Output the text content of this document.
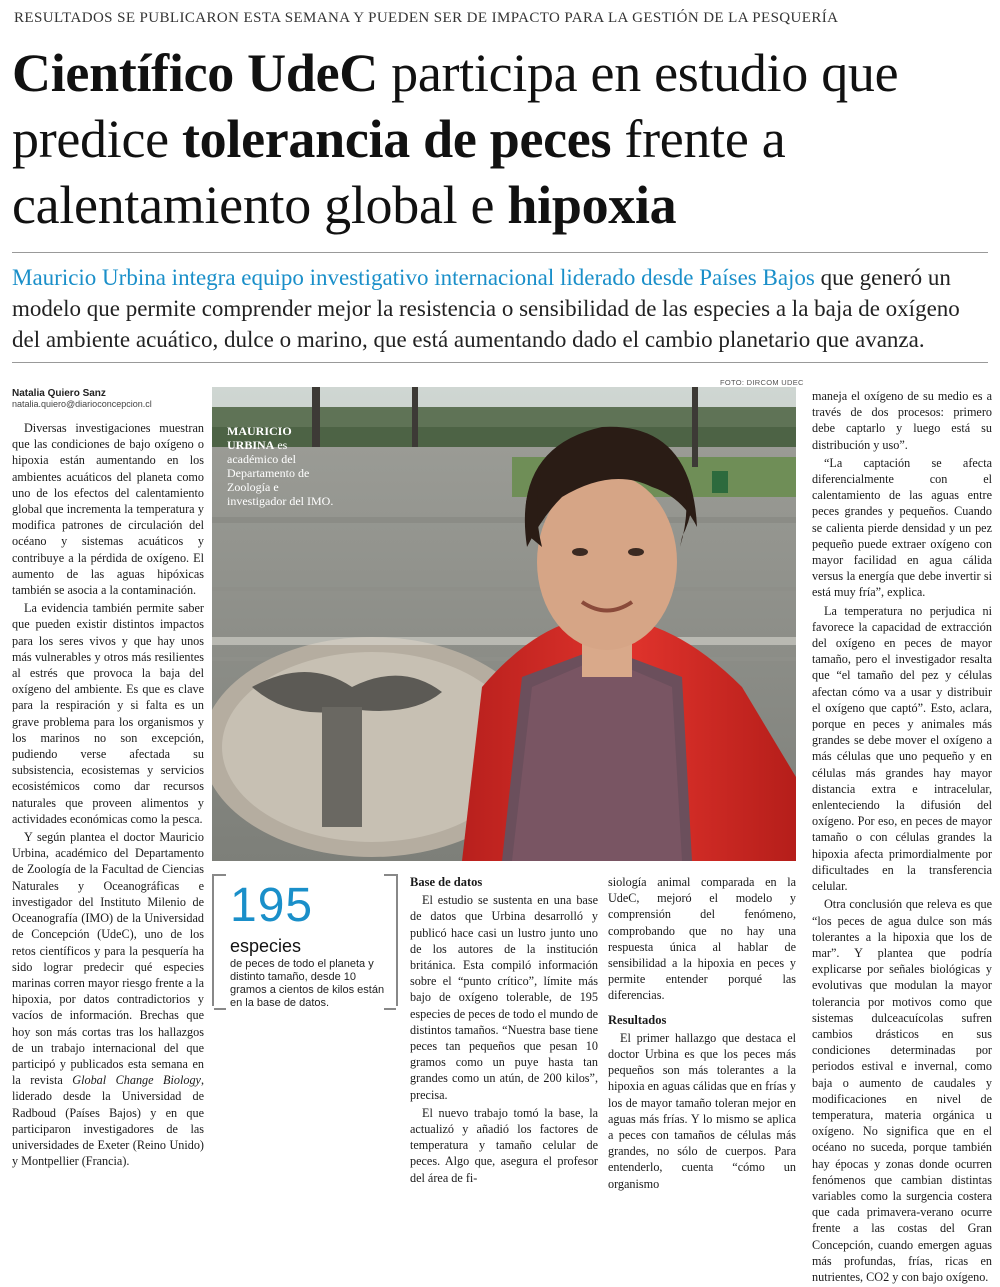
RESULTADOS SE PUBLICARON ESTA SEMANA Y PUEDEN SER DE IMPACTO PARA LA GESTIÓN DE LA PESQUERÍA
Científico UdeC participa en estudio que predice tolerancia de peces frente a calentamiento global e hipoxia
Mauricio Urbina integra equipo investigativo internacional liderado desde Países Bajos que generó un modelo que permite comprender mejor la resistencia o sensibilidad de las especies a la baja de oxígeno del ambiente acuático, dulce o marino, que está aumentando dado el cambio planetario que avanza.
Natalia Quiero Sanz
natalia.quiero@diarioconcepcion.cl

Diversas investigaciones muestran que las condiciones de bajo oxígeno o hipoxia están aumentando en los ambientes acuáticos del planeta como uno de los efectos del calentamiento global que incrementa la temperatura y modifica patrones de circulación del océano y sistemas acuáticos y contribuye a la pérdida de oxígeno. El aumento de las aguas hipóxicas también se asocia a la contaminación.

La evidencia también permite saber que pueden existir distintos impactos para los seres vivos y que hay unos más vulnerables y otros más resilientes al estrés que provoca la baja del oxígeno del ambiente. Es que es clave para la respiración y si falta es un grave problema para los organismos y los marinos no son excepción, pudiendo verse afectada su subsistencia, ecosistemas y servicios ecosistémicos como dar recursos naturales que proveen alimentos y actividades económicas como la pesca.

Y según plantea el doctor Mauricio Urbina, académico del Departamento de Zoología de la Facultad de Ciencias Naturales y Oceanográficas e investigador del Instituto Milenio de Oceanografía (IMO) de la Universidad de Concepción (UdeC), uno de los retos científicos y para la pesquería ha sido lograr predecir qué especies marinas corren mayor riesgo frente a la hipoxia, por datos contradictorios y vacíos de información. Brechas que hoy son más cortas tras los hallazgos de un trabajo internacional del que participó y publicados esta semana en la revista Global Change Biology, liderado desde la Universidad de Radboud (Países Bajos) y en que participaron investigadores de las universidades de Exeter (Reino Unido) y Montpellier (Francia).

FOTO: DIRCOM UDEC
MAURICIO URBINA es académico del Departamento de Zoología e investigador del IMO.
195
especies
de peces de todo el planeta y distinto tamaño, desde 10 gramos a cientos de kilos están en la base de datos.
Base de datos

El estudio se sustenta en una base de datos que Urbina desarrolló y publicó hace casi un lustro junto uno de los autores de la institución británica. Esta compiló información sobre el “punto crítico”, límite más bajo de oxígeno tolerable, de 195 especies de peces de todo el mundo de distintos tamaños. “Nuestra base tiene peces tan pequeños que pesan 10 gramos como un puye hasta tan grandes como un atún, de 200 kilos”, precisa.

El nuevo trabajo tomó la base, la actualizó y añadió los factores de temperatura y tamaño celular de peces. Algo que, asegura el profesor del área de fi-

siología animal comparada en la UdeC, mejoró el modelo y comprensión del fenómeno, comprobando que no hay una respuesta única al hablar de sensibilidad a la hipoxia en peces y permite entender porqué las diferencias.

Resultados

El primer hallazgo que destaca el doctor Urbina es que los peces más pequeños son más tolerantes a la hipoxia en aguas cálidas que en frías y los de mayor tamaño toleran mejor en aguas más frías. Y lo mismo se aplica a peces con tamaños de células más grandes, no sólo de cuerpos. Para entenderlo, cuenta “cómo un organismo

maneja el oxígeno de su medio es a través de dos procesos: primero debe captarlo y luego está su distribución y uso”.

“La captación se afecta diferencialmente con el calentamiento de las aguas entre peces grandes y pequeños. Cuando se calienta pierde densidad y un pez pequeño puede extraer oxígeno con mayor facilidad en agua cálida versus la energía que debe invertir si está muy fría”, explica.

La temperatura no perjudica ni favorece la capacidad de extracción del oxígeno en peces de mayor tamaño, pero el investigador resalta que “el tamaño del pez y células afectan cómo va a usar y distribuir el oxígeno que captó”. Esto, aclara, porque en peces y animales más grandes se debe mover el oxígeno a más células que uno pequeño y en células más grandes hay mayor distancia extra e intracelular, enlenteciendo la difusión del oxígeno. Por eso, en peces de mayor tamaño o con células grandes la hipoxia afecta primordialmente por dificultades en la transferencia celular.

Otra conclusión que releva es que “los peces de agua dulce son más tolerantes a la hipoxia que los de mar”. Y plantea que podría explicarse por señales biológicas y evolutivas que modulan la mayor tolerancia por motivos como que sistemas dulceacuícolas sufren cambios drásticos en sus condiciones determinadas por periodos estival e invernal, como baja o aumento de caudales y modificaciones en nivel de temperatura, materia orgánica u oxígeno. No significa que en el océano no suceda, porque también hay épocas y zonas donde ocurren fenómenos que cambian distintas variables como la surgencia costera que cada primavera-verano ocurre frente a las costas del Gran Concepción, cuando emergen aguas más profundas, frías, ricas en nutrientes, CO2 y con bajo oxígeno.
